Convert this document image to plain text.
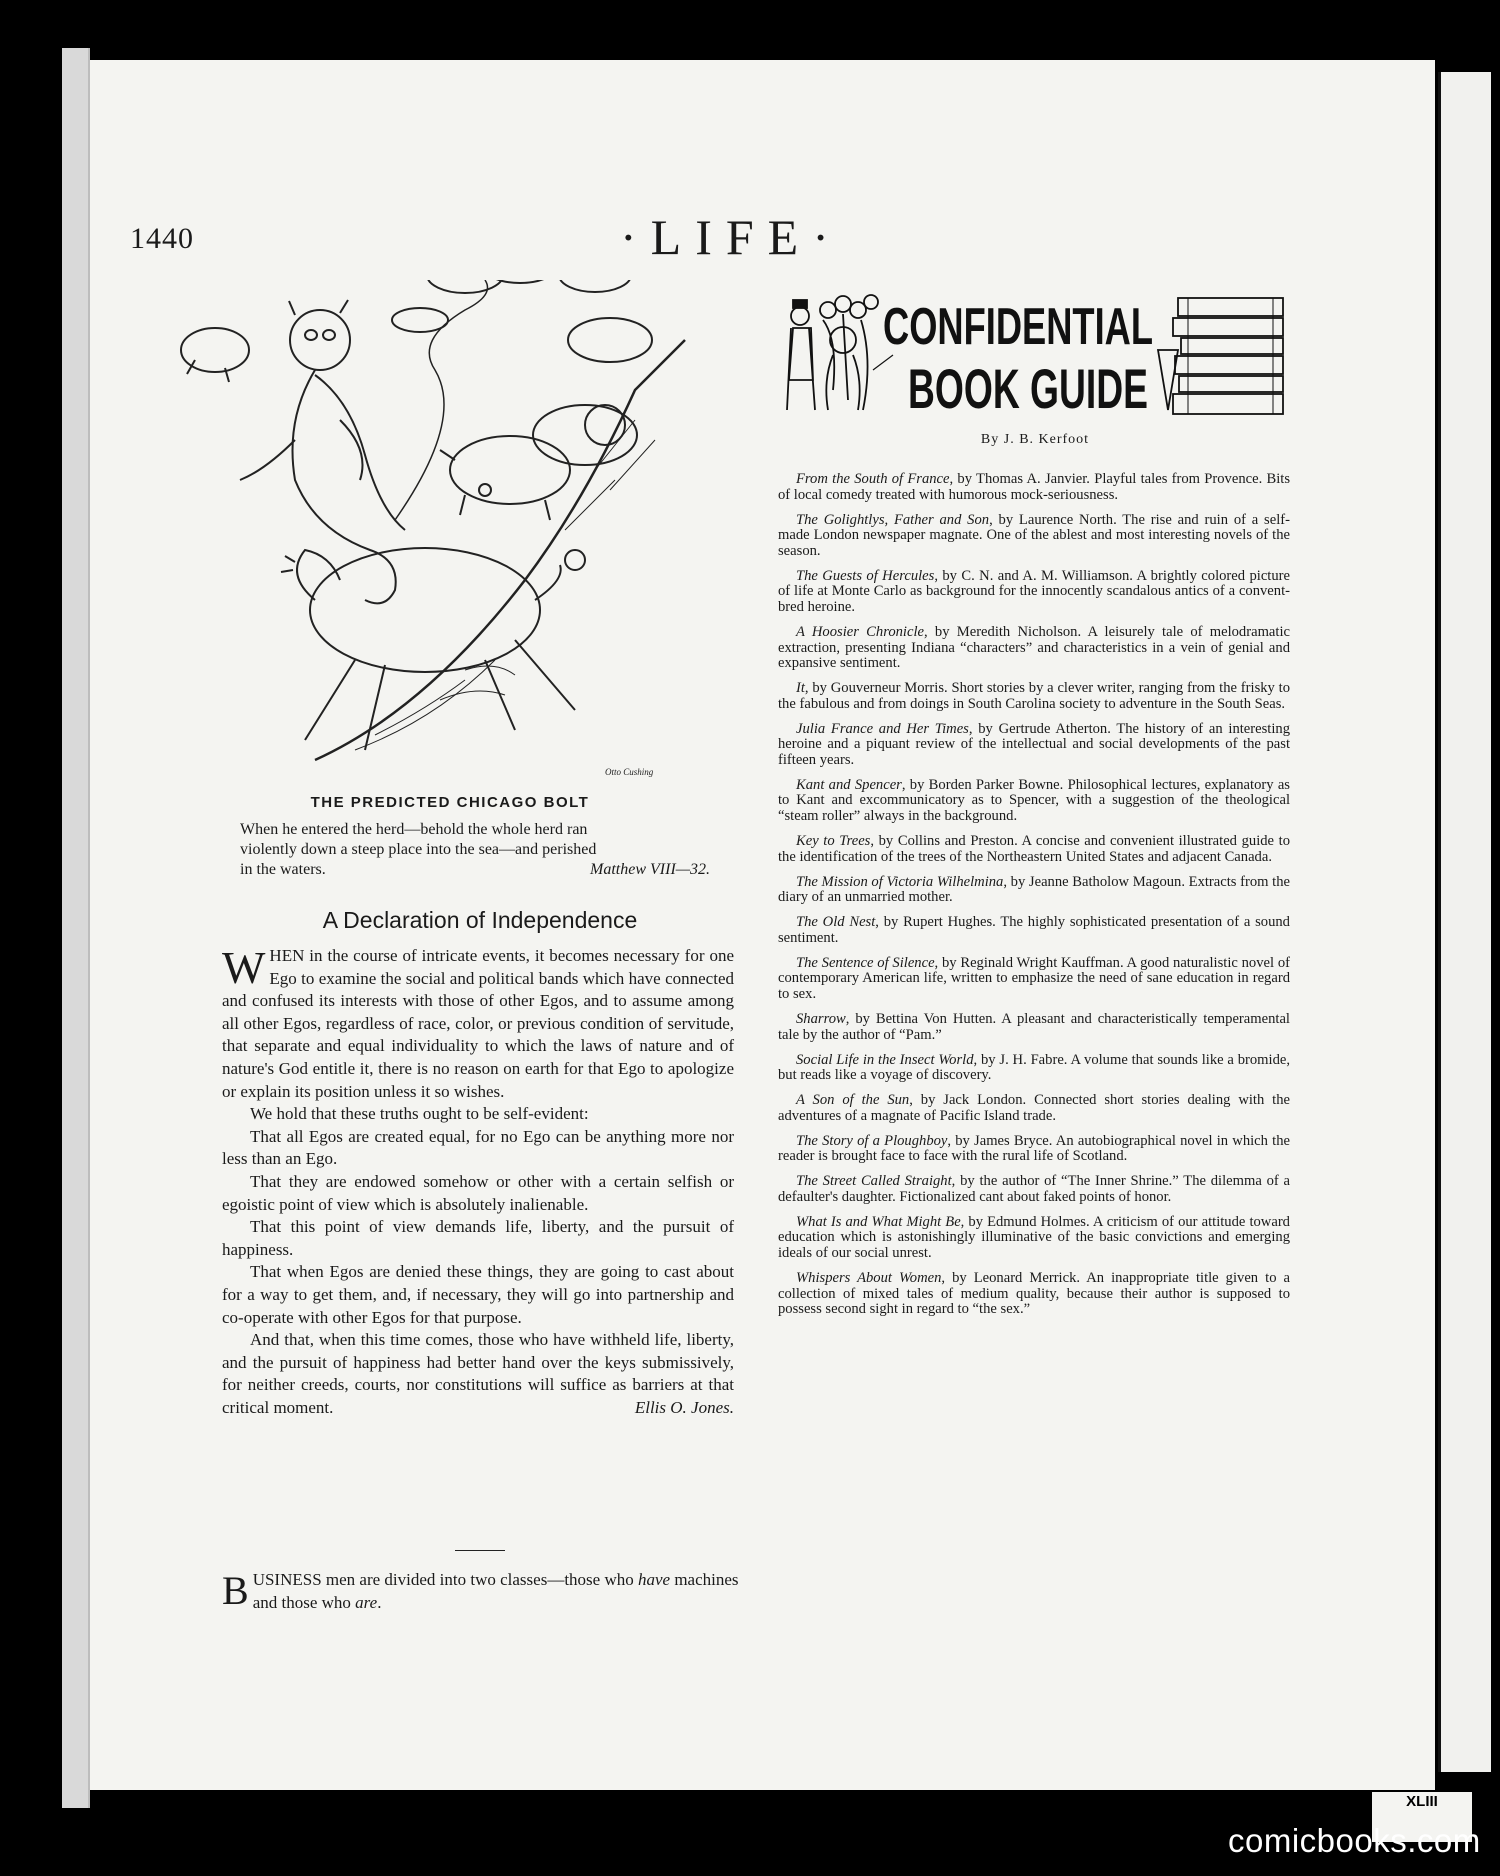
1440	·LIFE·
Otto Cushing
THE PREDICTED CHICAGO BOLT
When he entered the herd—behold the whole herd ran
violently down a steep place into the sea—and perished
in the waters.	Matthew VIII—32.
A Declaration of Independence

WHEN in the course of intricate events, it becomes necessary for one Ego to examine the social and political bands which have connected and confused its interests with those of other Egos, and to assume among all other Egos, regardless of race, color, or previous condition of servitude, that separate and equal individuality to which the laws of nature and of nature's God entitle it, there is no reason on earth for that Ego to apologize or explain its position unless it so wishes.

We hold that these truths ought to be self-evident:

That all Egos are created equal, for no Ego can be anything more nor less than an Ego.

That they are endowed somehow or other with a certain selfish or egoistic point of view which is absolutely inalienable.

That this point of view demands life, liberty, and the pursuit of happiness.

That when Egos are denied these things, they are going to cast about for a way to get them, and, if necessary, they will go into partnership and co-operate with other Egos for that purpose.

And that, when this time comes, those who have withheld life, liberty, and the pursuit of happiness had better hand over the keys submissively, for neither creeds, courts, nor constitutions will suffice as barriers at that critical moment.	Ellis O. Jones.

BUSINESS men are divided into two classes—those who have machines and those who are.
CONFIDENTIAL
BOOK GUIDE
By J. B. Kerfoot

From the South of France, by Thomas A. Janvier. Playful tales from Provence. Bits of local comedy treated with humorous mock-seriousness.

The Golightlys, Father and Son, by Laurence North. The rise and ruin of a self-made London newspaper magnate. One of the ablest and most interesting novels of the season.

The Guests of Hercules, by C. N. and A. M. Williamson. A brightly colored picture of life at Monte Carlo as background for the innocently scandalous antics of a convent-bred heroine.

A Hoosier Chronicle, by Meredith Nicholson. A leisurely tale of melodramatic extraction, presenting Indiana “characters” and characteristics in a vein of genial and expansive sentiment.

It, by Gouverneur Morris. Short stories by a clever writer, ranging from the frisky to the fabulous and from doings in South Carolina society to adventure in the South Seas.

Julia France and Her Times, by Gertrude Atherton. The history of an interesting heroine and a piquant review of the intellectual and social developments of the past fifteen years.

Kant and Spencer, by Borden Parker Bowne. Philosophical lectures, explanatory as to Kant and excommunicatory as to Spencer, with a suggestion of the theological “steam roller” always in the background.

Key to Trees, by Collins and Preston. A concise and convenient illustrated guide to the identification of the trees of the Northeastern United States and adjacent Canada.

The Mission of Victoria Wilhelmina, by Jeanne Batholow Magoun. Extracts from the diary of an unmarried mother.

The Old Nest, by Rupert Hughes. The highly sophisticated presentation of a sound sentiment.

The Sentence of Silence, by Reginald Wright Kauffman. A good naturalistic novel of contemporary American life, written to emphasize the need of sane education in regard to sex.

Sharrow, by Bettina Von Hutten. A pleasant and characteristically temperamental tale by the author of “Pam.”

Social Life in the Insect World, by J. H. Fabre. A volume that sounds like a bromide, but reads like a voyage of discovery.

A Son of the Sun, by Jack London. Connected short stories dealing with the adventures of a magnate of Pacific Island trade.

The Story of a Ploughboy, by James Bryce. An autobiographical novel in which the reader is brought face to face with the rural life of Scotland.

The Street Called Straight, by the author of “The Inner Shrine.” The dilemma of a defaulter's daughter. Fictionalized cant about faked points of honor.

What Is and What Might Be, by Edmund Holmes. A criticism of our attitude toward education which is astonishingly illuminative of the basic convictions and emerging ideals of our social unrest.

Whispers About Women, by Leonard Merrick. An inappropriate title given to a collection of mixed tales of medium quality, because their author is supposed to possess second sight in regard to “the sex.”

XLIII
comicbooks.com
